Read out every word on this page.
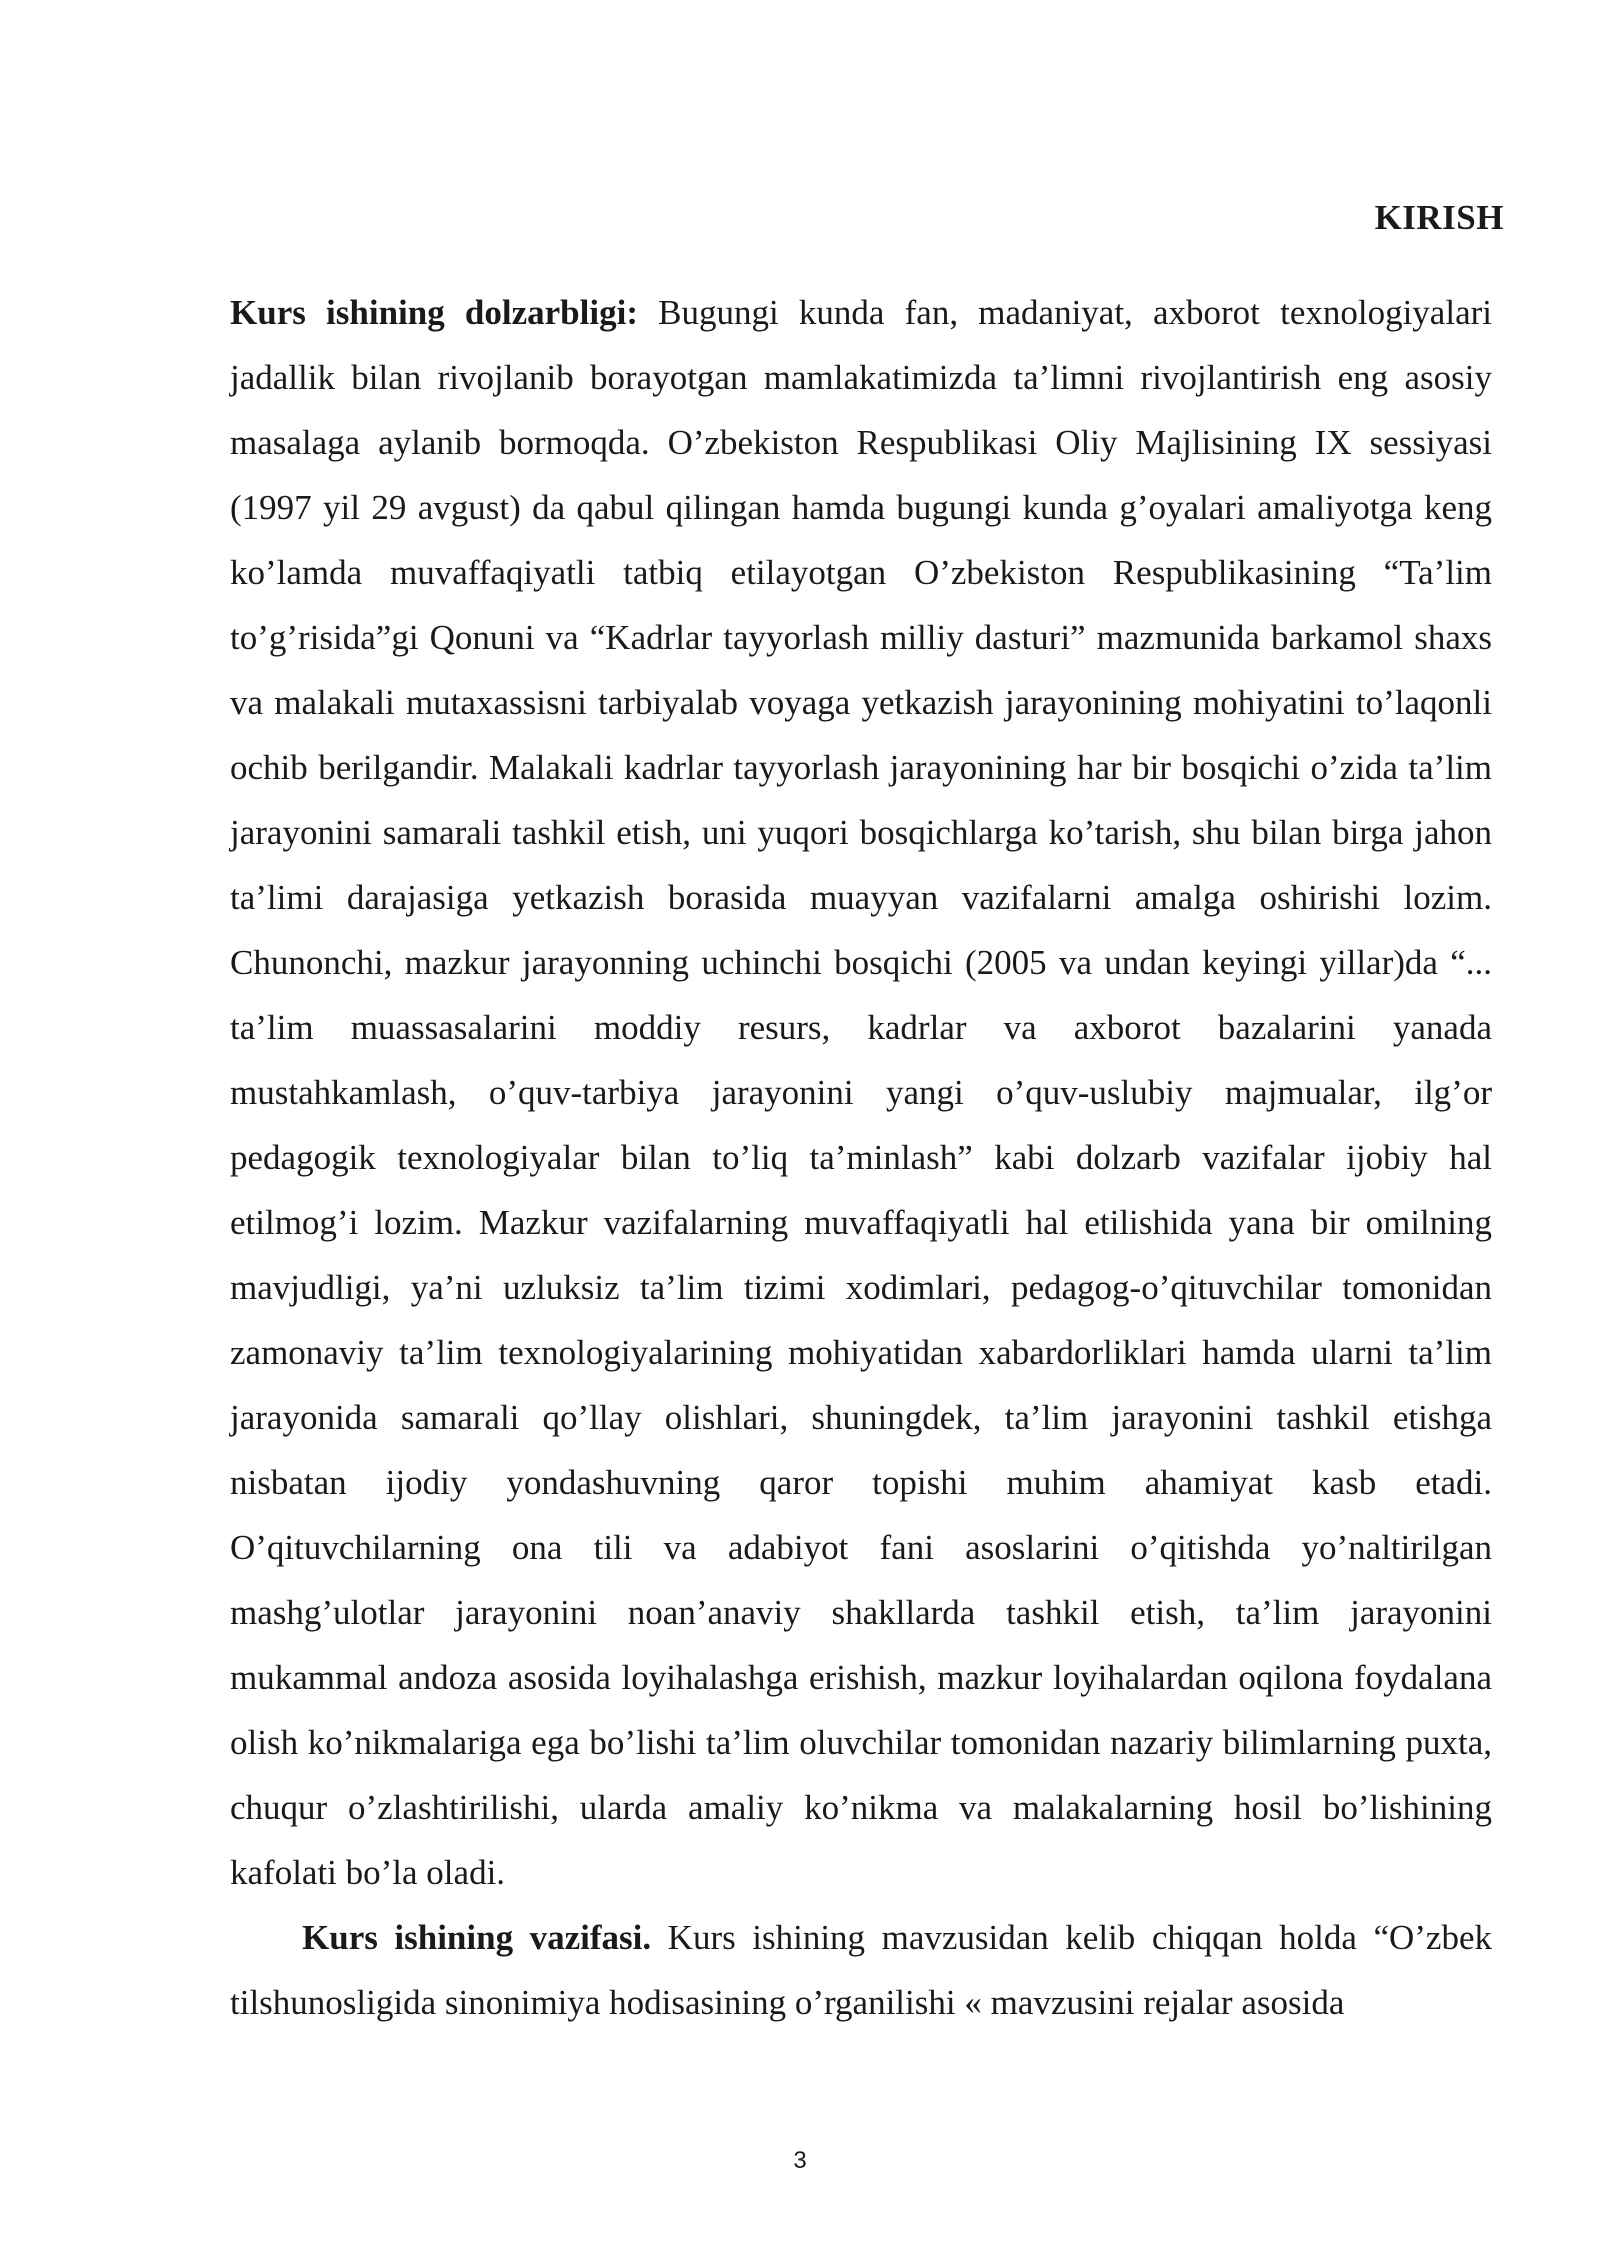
KIRISH

Kurs ishining dolzarbligi: Bugungi kunda fan, madaniyat, axborot texnologiyalari jadallik bilan rivojlanib borayotgan mamlakatimizda ta’limni rivojlantirish eng asosiy masalaga aylanib bormoqda. O’zbekiston Respublikasi Oliy Majlisining IX sessiyasi (1997 yil 29 avgust) da qabul qilingan hamda bugungi kunda g’oyalari amaliyotga keng ko’lamda muvaffaqiyatli tatbiq etilayotgan O’zbekiston Respublikasining “Ta’lim to’g’risida”gi Qonuni va “Kadrlar tayyorlash milliy dasturi” mazmunida barkamol shaxs va malakali mutaxassisni tarbiyalab voyaga yetkazish jarayonining mohiyatini to’laqonli ochib berilgandir. Malakali kadrlar tayyorlash jarayonining har bir bosqichi o’zida ta’lim jarayonini samarali tashkil etish, uni yuqori bosqichlarga ko’tarish, shu bilan birga jahon ta’limi darajasiga yetkazish borasida muayyan vazifalarni amalga oshirishi lozim. Chunonchi, mazkur jarayonning uchinchi bosqichi (2005 va undan keyingi yillar)da “... ta’lim muassasalarini moddiy resurs, kadrlar va axborot bazalarini yanada mustahkamlash, o’quv-tarbiya jarayonini yangi o’quv-uslubiy majmualar, ilg’or pedagogik texnologiyalar bilan to’liq ta’minlash” kabi dolzarb vazifalar ijobiy hal etilmog’i lozim. Mazkur vazifalarning muvaffaqiyatli hal etilishida yana bir omilning mavjudligi, ya’ni uzluksiz ta’lim tizimi xodimlari, pedagog-o’qituvchilar tomonidan zamonaviy ta’lim texnologiyalarining mohiyatidan xabardorliklari hamda ularni ta’lim jarayonida samarali qo’llay olishlari, shuningdek, ta’lim jarayonini tashkil etishga nisbatan ijodiy yondashuvning qaror topishi muhim ahamiyat kasb etadi. O’qituvchilarning ona tili va adabiyot fani asoslarini o’qitishda yo’naltirilgan mashg’ulotlar jarayonini noan’anaviy shakllarda tashkil etish, ta’lim jarayonini mukammal andoza asosida loyihalashga erishish, mazkur loyihalardan oqilona foydalana olish ko’nikmalariga ega bo’lishi ta’lim oluvchilar tomonidan nazariy bilimlarning puxta, chuqur o’zlashtirilishi, ularda amaliy ko’nikma va malakalarning hosil bo’lishining kafolati bo’la oladi.

Kurs ishining vazifasi. Kurs ishining mavzusidan kelib chiqqan holda “O’zbek tilshunosligida sinonimiya hodisasining o’rganilishi « mavzusini rejalar asosida

3
